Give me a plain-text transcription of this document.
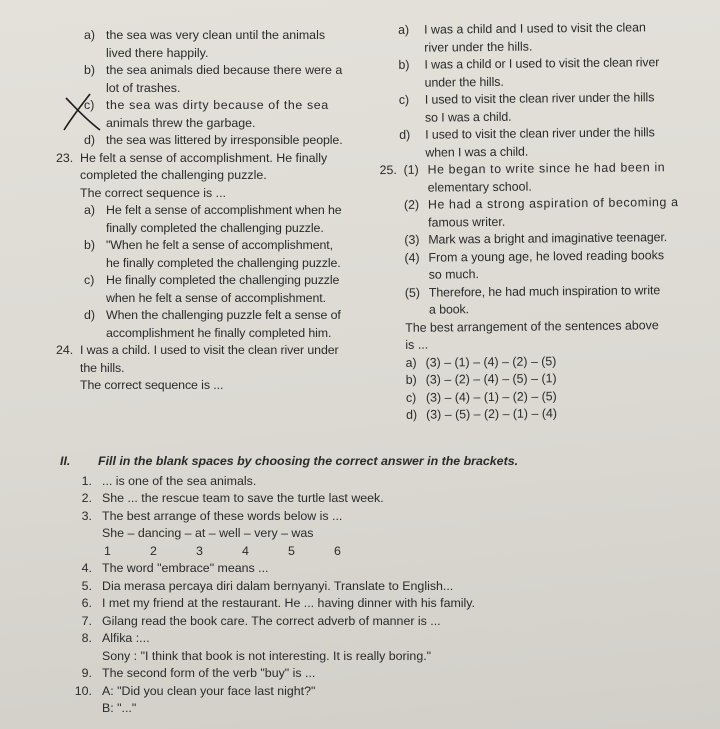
a) the sea was very clean until the animals
lived there happily.
b) the sea animals died because there were a
lot of trashes.
c) the sea was dirty because of the sea
animals threw the garbage.
d) the sea was littered by irresponsible people.
23. He felt a sense of accomplishment. He finally
completed the challenging puzzle.
The correct sequence is ...
a) He felt a sense of accomplishment when he
finally completed the challenging puzzle.
b) "When he felt a sense of accomplishment,
he finally completed the challenging puzzle.
c) He finally completed the challenging puzzle
when he felt a sense of accomplishment.
d) When the challenging puzzle felt a sense of
accomplishment he finally completed him.
24. I was a child. I used to visit the clean river under
the hills.
The correct sequence is ...
a)	I was a child and I used to visit the clean
river under the hills.
b)	I was a child or I used to visit the clean river
under the hills.
c)	I used to visit the clean river under the hills
so I was a child.
d)	I used to visit the clean river under the hills
when I was a child.
25. (1) He began to write since he had been in
elementary school.
(2) He had a strong aspiration of becoming a
famous writer.
(3) Mark was a bright and imaginative teenager.
(4) From a young age, he loved reading books
so much.
(5) Therefore, he had much inspiration to write
a book.
The best arrangement of the sentences above
is ...
a) (3) – (1) – (4) – (2) – (5)
b) (3) – (2) – (4) – (5) – (1)
c) (3) – (4) – (1) – (2) – (5)
d) (3) – (5) – (2) – (1) – (4)
II.	Fill in the blank spaces by choosing the correct answer in the brackets.
1. ... is one of the sea animals.
2. She ... the rescue team to save the turtle last week.
3. The best arrange of these words below is ...
She – dancing – at – well – very – was
1	2	3	4	5	6
4. The word "embrace" means ...
5. Dia merasa percaya diri dalam bernyanyi. Translate to English...
6. I met my friend at the restaurant. He ... having dinner with his family.
7. Gilang read the book care. The correct adverb of manner is ...
8. Alfika :...
Sony : "I think that book is not interesting. It is really boring."
9. The second form of the verb "buy" is ...
10. A: "Did you clean your face last night?"
B: "..."
